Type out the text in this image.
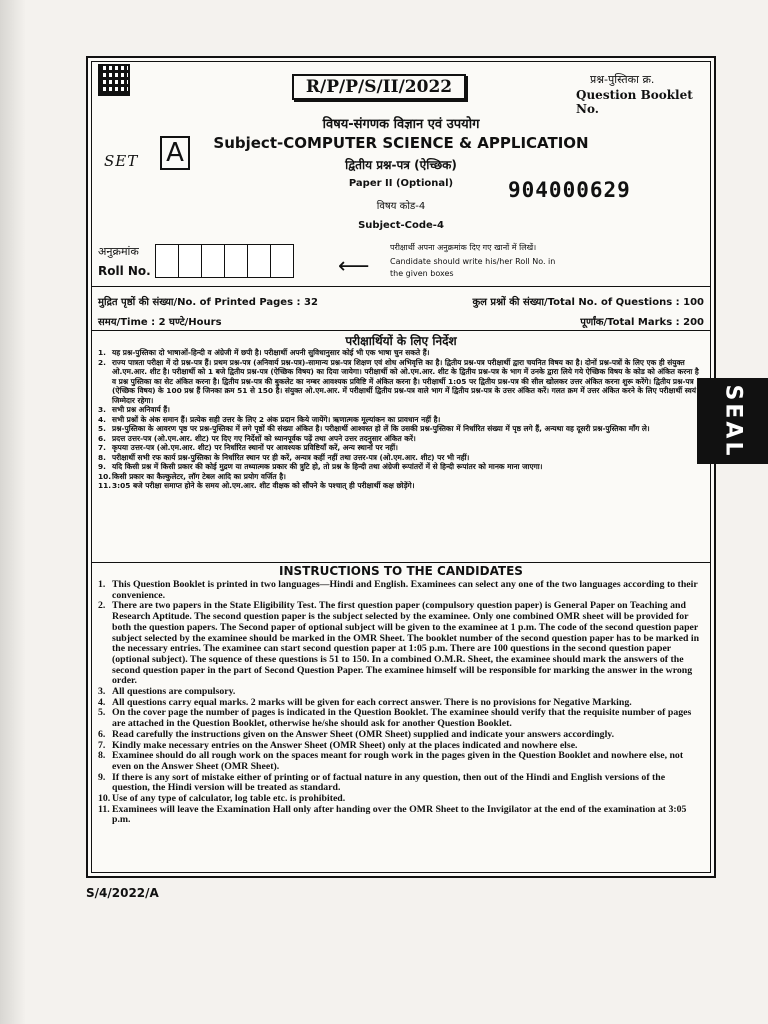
R/P/P/S/II/2022	प्रश्न-पुस्तिका क्र.
Question Booklet No.
SET A
विषय-संगणक विज्ञान एवं उपयोग
Subject-COMPUTER SCIENCE & APPLICATION
द्वितीय प्रश्न-पत्र (ऐच्छिक)
Paper II (Optional)
विषय कोड-4
Subject-Code-4
904000629
अनुक्रमांक
Roll No.	⟵
परीक्षार्थी अपना अनुक्रमांक दिए गए खानों में लिखें।
Candidate should write his/her Roll No. in the given boxes
मुद्रित पृष्ठों की संख्या/No. of Printed Pages : 32	कुल प्रश्नों की संख्या/Total No. of Questions : 100
समय/Time : 2 घण्टे/Hours	पूर्णांक/Total Marks : 200
परीक्षार्थियों के लिए निर्देश
1. यह प्रश्न-पुस्तिका दो भाषाओं-हिन्दी व अंग्रेजी में छपी है। परीक्षार्थी अपनी सुविधानुसार कोई भी एक भाषा चुन सकते हैं।
2. राज्य पात्रता परीक्षा में दो प्रश्न-पत्र हैं। प्रथम प्रश्न-पत्र (अनिवार्य प्रश्न-पत्र)-सामान्य प्रश्न-पत्र शिक्षण एवं शोध अभिवृत्ति का है। द्वितीय प्रश्न-पत्र परीक्षार्थी द्वारा चयनित विषय का है। दोनों प्रश्न-पत्रों के लिए एक ही संयुक्त ओ.एम.आर. शीट है। परीक्षार्थी को 1 बजे द्वितीय प्रश्न-पत्र (ऐच्छिक विषय) का दिया जायेगा। परीक्षार्थी को ओ.एम.आर. शीट के द्वितीय प्रश्न-पत्र के भाग में उनके द्वारा लिये गये ऐच्छिक विषय के कोड को अंकित करना है व प्रश्न पुस्तिका का सेट अंकित करना है। द्वितीय प्रश्न-पत्र की बुकलेट का नम्बर आवश्यक प्रविष्टि में अंकित करना है। परीक्षार्थी 1:05 पर द्वितीय प्रश्न-पत्र की सील खोलकर उत्तर अंकित करना शुरू करेंगे। द्वितीय प्रश्न-पत्र (ऐच्छिक विषय) के 100 प्रश्न हैं जिनका क्रम 51 से 150 है। संयुक्त ओ.एम.आर. में परीक्षार्थी द्वितीय प्रश्न-पत्र वाले भाग में द्वितीय प्रश्न-पत्र के उत्तर अंकित करें। गलत क्रम में उत्तर अंकित करने के लिए परीक्षार्थी स्वयं जिम्मेदार रहेगा।
3. सभी प्रश्न अनिवार्य हैं।
4. सभी प्रश्नों के अंक समान हैं। प्रत्येक सही उत्तर के लिए 2 अंक प्रदान किये जायेंगे। ऋणात्मक मूल्यांकन का प्रावधान नहीं है।
5. प्रश्न-पुस्तिका के आवरण पृष्ठ पर प्रश्न-पुस्तिका में लगे पृष्ठों की संख्या अंकित है। परीक्षार्थी आश्वस्त हो लें कि उसकी प्रश्न-पुस्तिका में निर्धारित संख्या में पृष्ठ लगे हैं, अन्यथा वह दूसरी प्रश्न-पुस्तिका माँग ले।
6. प्रदत्त उत्तर-पत्र (ओ.एम.आर. शीट) पर दिए गए निर्देशों को ध्यानपूर्वक पढ़ें तथा अपने उत्तर तदनुसार अंकित करें।
7. कृपया उत्तर-पत्र (ओ.एम.आर. शीट) पर निर्धारित स्थानों पर आवश्यक प्रविष्टियाँ करें, अन्य स्थानों पर नहीं।
8. परीक्षार्थी सभी रफ कार्य प्रश्न-पुस्तिका के निर्धारित स्थान पर ही करें, अन्यत्र कहीं नहीं तथा उत्तर-पत्र (ओ.एम.आर. शीट) पर भी नहीं।
9. यदि किसी प्रश्न में किसी प्रकार की कोई मुद्रण या तथ्यात्मक प्रकार की त्रुटि हो, तो प्रश्न के हिन्दी तथा अंग्रेजी रूपांतरों में से हिन्दी रूपांतर को मानक माना जाएगा।
10. किसी प्रकार का कैल्कुलेटर, लॉग टेबल आदि का प्रयोग वर्जित है।
11. 3:05 बजे परीक्षा समाप्त होने के समय ओ.एम.आर. शीट वीक्षक को सौंपने के पश्चात् ही परीक्षार्थी कक्ष छोड़ेंगे।
INSTRUCTIONS TO THE CANDIDATES
1. This Question Booklet is printed in two languages—Hindi and English. Examinees can select any one of the two languages according to their convenience.
2. There are two papers in the State Eligibility Test. The first question paper (compulsory question paper) is General Paper on Teaching and Research Aptitude. The second question paper is the subject selected by the examinee. Only one combined OMR sheet will be provided for both the question papers. The Second paper of optional subject will be given to the examinee at 1 p.m. The code of the second question paper subject selected by the examinee should be marked in the OMR Sheet. The booklet number of the second question paper has to be marked in the necessary entries. The examinee can start second question paper at 1:05 p.m. There are 100 questions in the second question paper (optional subject). The squence of these questions is 51 to 150. In a combined O.M.R. Sheet, the examinee should mark the answers of the second question paper in the part of Second Question Paper. The examinee himself will be responsible for marking the answer in the wrong order.
3. All questions are compulsory.
4. All questions carry equal marks. 2 marks will be given for each correct answer. There is no provisions for Negative Marking.
5. On the cover page the number of pages is indicated in the Question Booklet. The examinee should verify that the requisite number of pages are attached in the Question Booklet, otherwise he/she should ask for another Question Booklet.
6. Read carefully the instructions given on the Answer Sheet (OMR Sheet) supplied and indicate your answers accordingly.
7. Kindly make necessary entries on the Answer Sheet (OMR Sheet) only at the places indicated and nowhere else.
8. Examinee should do all rough work on the spaces meant for rough work in the pages given in the Question Booklet and nowhere else, not even on the Answer Sheet (OMR Sheet).
9. If there is any sort of mistake either of printing or of factual nature in any question, then out of the Hindi and English versions of the question, the Hindi version will be treated as standard.
10. Use of any type of calculator, log table etc. is prohibited.
11. Examinees will leave the Examination Hall only after handing over the OMR Sheet to the Invigilator at the end of the examination at 3:05 p.m.
SEAL
S/4/2022/A
